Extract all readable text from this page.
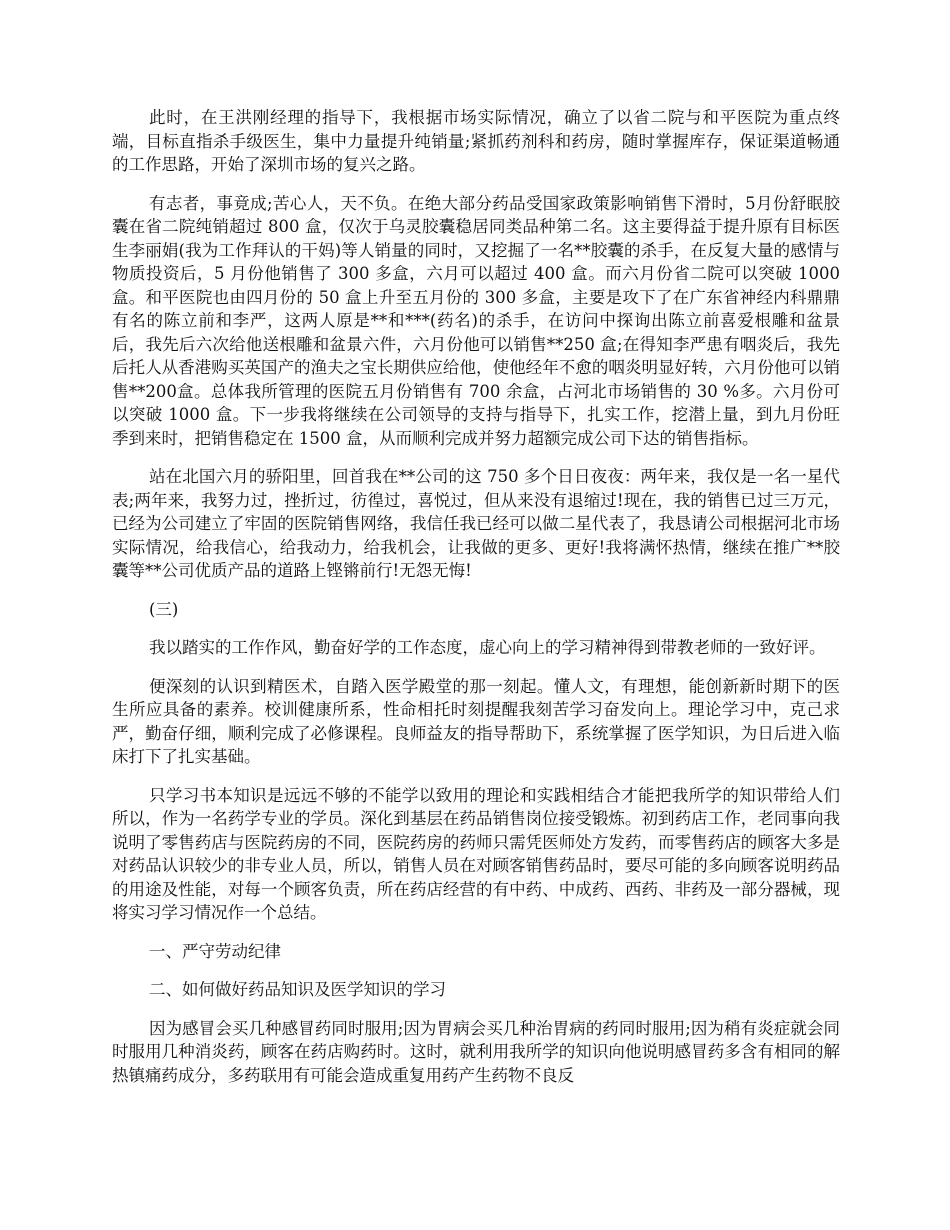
此时，在王洪刚经理的指导下，我根据市场实际情况，确立了以省二院与和平医院为重点终端，目标直指杀手级医生，集中力量提升纯销量;紧抓药剂科和药房，随时掌握库存，保证渠道畅通的工作思路，开始了深圳市场的复兴之路。

有志者，事竟成;苦心人，天不负。在绝大部分药品受国家政策影响销售下滑时，5月份舒眠胶囊在省二院纯销超过 800 盒，仅次于乌灵胶囊稳居同类品种第二名。这主要得益于提升原有目标医生李丽娟(我为工作拜认的干妈)等人销量的同时，又挖掘了一名**胶囊的杀手，在反复大量的感情与物质投资后，5 月份他销售了 300 多盒，六月可以超过 400 盒。而六月份省二院可以突破 1000 盒。和平医院也由四月份的 50 盒上升至五月份的 300 多盒，主要是攻下了在广东省神经内科鼎鼎有名的陈立前和李严，这两人原是**和***(药名)的杀手，在访问中探询出陈立前喜爱根雕和盆景后，我先后六次给他送根雕和盆景六件，六月份他可以销售**250 盒;在得知李严患有咽炎后，我先后托人从香港购买英国产的渔夫之宝长期供应给他，使他经年不愈的咽炎明显好转，六月份他可以销售**200盒。总体我所管理的医院五月份销售有 700 余盒，占河北市场销售的 30 %多。六月份可以突破 1000 盒。下一步我将继续在公司领导的支持与指导下，扎实工作，挖潜上量，到九月份旺季到来时，把销售稳定在 1500 盒，从而顺利完成并努力超额完成公司下达的销售指标。

站在北国六月的骄阳里，回首我在**公司的这 750 多个日日夜夜：两年来，我仅是一名一星代表;两年来，我努力过，挫折过，彷徨过，喜悦过，但从来没有退缩过!现在，我的销售已过三万元，已经为公司建立了牢固的医院销售网络，我信任我已经可以做二星代表了，我恳请公司根据河北市场实际情况，给我信心，给我动力，给我机会，让我做的更多、更好!我将满怀热情，继续在推广**胶囊等**公司优质产品的道路上铿锵前行!无怨无悔!

(三)

我以踏实的工作作风，勤奋好学的工作态度，虚心向上的学习精神得到带教老师的一致好评。

便深刻的认识到精医术，自踏入医学殿堂的那一刻起。懂人文，有理想，能创新新时期下的医生所应具备的素养。校训健康所系，性命相托时刻提醒我刻苦学习奋发向上。理论学习中，克己求严，勤奋仔细，顺利完成了必修课程。良师益友的指导帮助下，系统掌握了医学知识，为日后进入临床打下了扎实基础。

只学习书本知识是远远不够的不能学以致用的理论和实践相结合才能把我所学的知识带给人们所以，作为一名药学专业的学员。深化到基层在药品销售岗位接受锻炼。初到药店工作，老同事向我说明了零售药店与医院药房的不同，医院药房的药师只需凭医师处方发药，而零售药店的顾客大多是对药品认识较少的非专业人员，所以，销售人员在对顾客销售药品时，要尽可能的多向顾客说明药品的用途及性能，对每一个顾客负责，所在药店经营的有中药、中成药、西药、非药及一部分器械，现将实习学习情况作一个总结。

一、严守劳动纪律

二、如何做好药品知识及医学知识的学习

因为感冒会买几种感冒药同时服用;因为胃病会买几种治胃病的药同时服用;因为稍有炎症就会同时服用几种消炎药，顾客在药店购药时。这时，就利用我所学的知识向他说明感冒药多含有相同的解热镇痛药成分，多药联用有可能会造成重复用药产生药物不良反
